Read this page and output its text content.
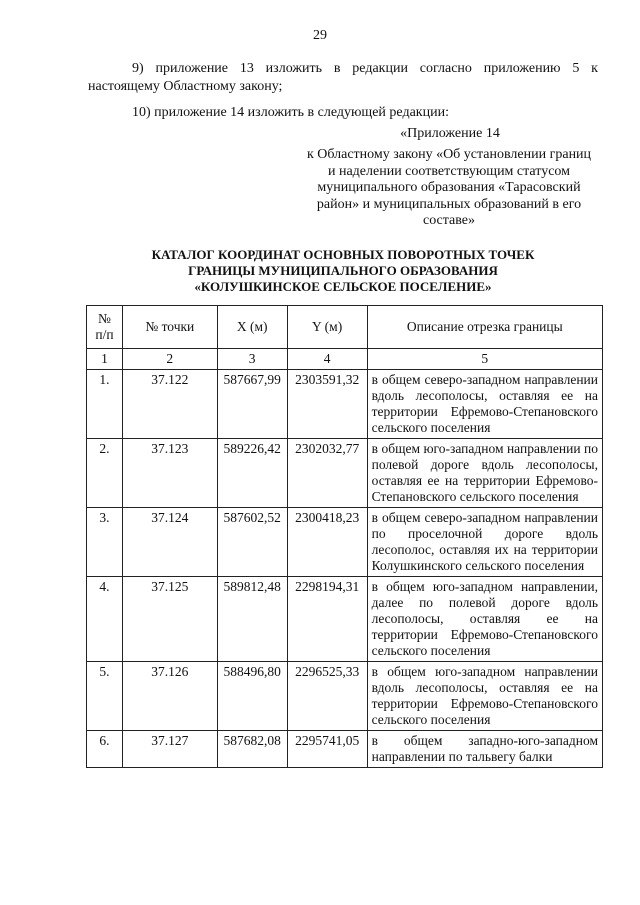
29

9) приложение 13 изложить в редакции согласно приложению 5 к настоящему Областному закону;

10) приложение 14 изложить в следующей редакции:

«Приложение 14
к Областному закону «Об установлении границ и наделении соответствующим статусом муниципального образования «Тарасовский район» и муниципальных образований в его составе»
КАТАЛОГ КООРДИНАТ ОСНОВНЫХ ПОВОРОТНЫХ ТОЧЕК
ГРАНИЦЫ МУНИЦИПАЛЬНОГО ОБРАЗОВАНИЯ
«КОЛУШКИНСКОЕ СЕЛЬСКОЕ ПОСЕЛЕНИЕ»
№ п/п	№ точки	X (м)	Y (м)	Описание отрезка границы
1	2	3	4	5
1.	37.122	587667,99	2303591,32	в общем северо-западном направлении вдоль лесополосы, оставляя ее на территории Ефремово-Степановского сельского поселения
2.	37.123	589226,42	2302032,77	в общем юго-западном направлении по полевой дороге вдоль лесополосы, оставляя ее на территории Ефремово-Степановского сельского поселения
3.	37.124	587602,52	2300418,23	в общем северо-западном направлении по проселочной дороге вдоль лесополос, оставляя их на территории Колушкинского сельского поселения
4.	37.125	589812,48	2298194,31	в общем юго-западном направлении, далее по полевой дороге вдоль лесополосы, оставляя ее на территории Ефремово-Степановского сельского поселения
5.	37.126	588496,80	2296525,33	в общем юго-западном направлении вдоль лесополосы, оставляя ее на территории Ефремово-Степановского сельского поселения
6.	37.127	587682,08	2295741,05	в общем западно-юго-западном направлении по тальвегу балки
